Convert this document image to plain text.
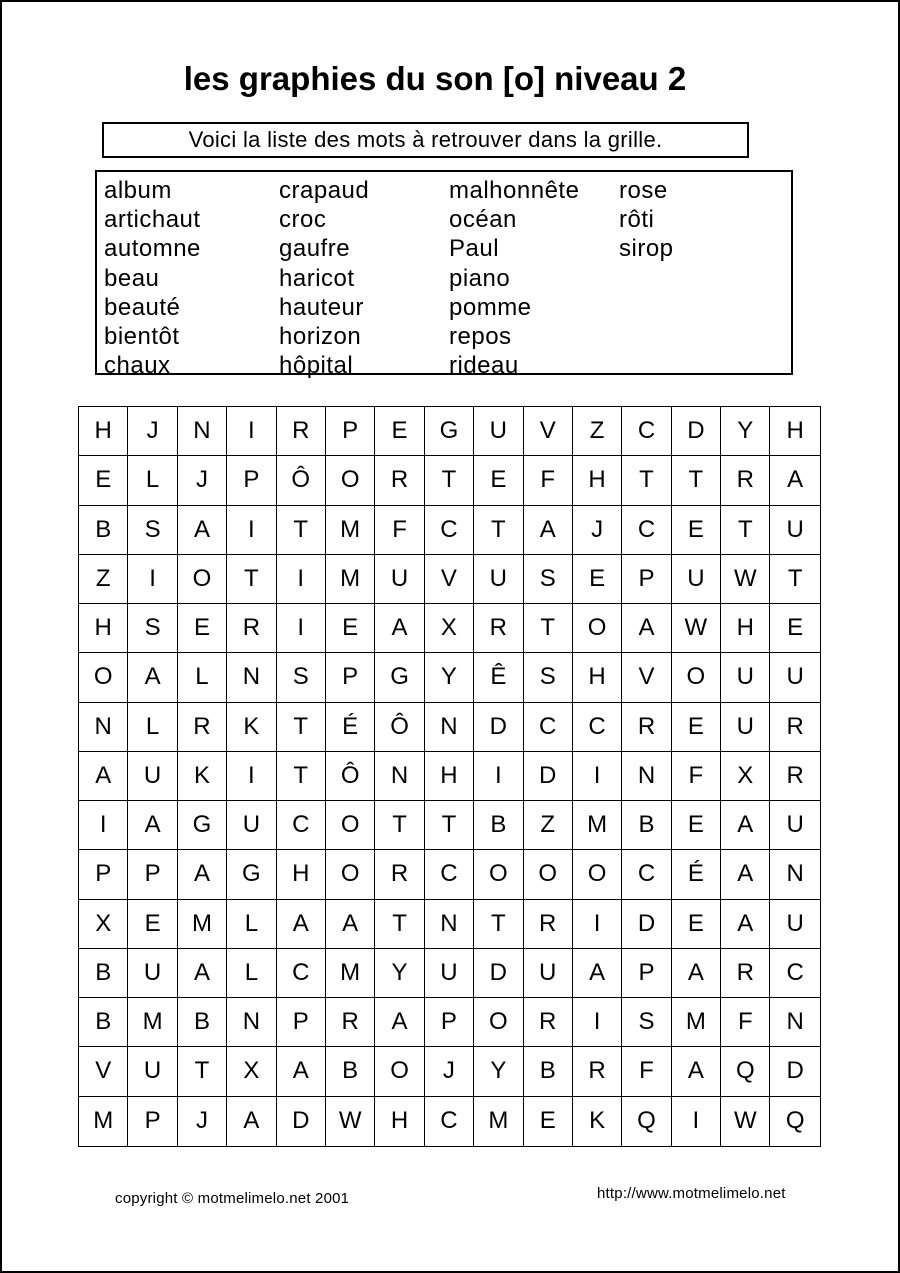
les graphies du son [o] niveau 2
Voici la liste des mots à retrouver dans la grille.
album
artichaut
automne
beau
beauté
bientôt
chaux
crapaud
croc
gaufre
haricot
hauteur
horizon
hôpital
malhonnête
océan
Paul
piano
pomme
repos
rideau
rose
rôti
sirop
H	J	N	I	R	P	E	G	U	V	Z	C	D	Y	H
E	L	J	P	Ô	O	R	T	E	F	H	T	T	R	A
B	S	A	I	T	M	F	C	T	A	J	C	E	T	U
Z	I	O	T	I	M	U	V	U	S	E	P	U	W	T
H	S	E	R	I	E	A	X	R	T	O	A	W	H	E
O	A	L	N	S	P	G	Y	Ê	S	H	V	O	U	U
N	L	R	K	T	É	Ô	N	D	C	C	R	E	U	R
A	U	K	I	T	Ô	N	H	I	D	I	N	F	X	R
I	A	G	U	C	O	T	T	B	Z	M	B	E	A	U
P	P	A	G	H	O	R	C	O	O	O	C	É	A	N
X	E	M	L	A	A	T	N	T	R	I	D	E	A	U
B	U	A	L	C	M	Y	U	D	U	A	P	A	R	C
B	M	B	N	P	R	A	P	O	R	I	S	M	F	N
V	U	T	X	A	B	O	J	Y	B	R	F	A	Q	D
M	P	J	A	D	W	H	C	M	E	K	Q	I	W	Q
copyright © motmelimelo.net 2001	http://www.motmelimelo.net
